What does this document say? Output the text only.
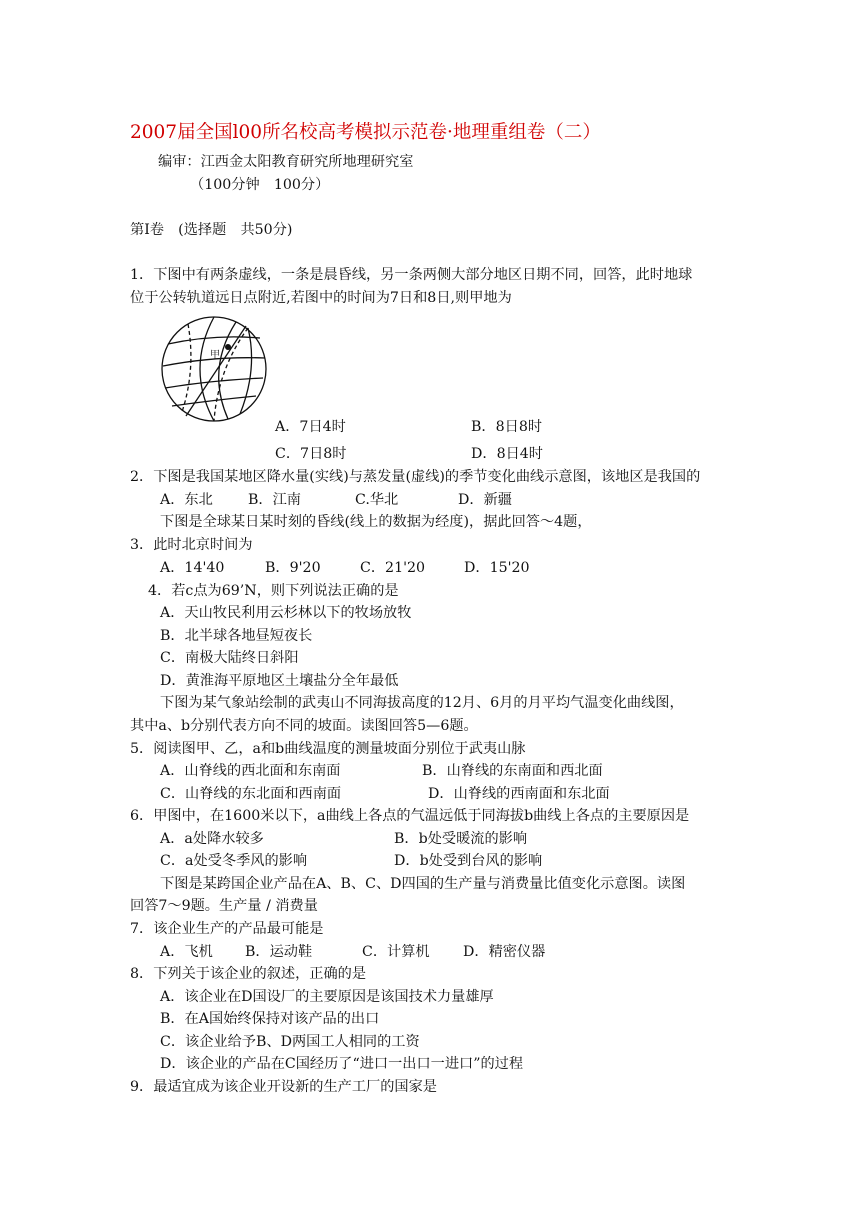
2007届全国l00所名校高考模拟示范卷·地理重组卷（二）
编审：江西金太阳教育研究所地理研究室
（100分钟　100分）
第Ⅰ卷　(选择题　共50分)
1．下图中有两条虚线，一条是晨昏线，另一条两侧大部分地区日期不同，回答，此时地球
位于公转轨道远日点附近,若图中的时间为7日和8日,则甲地为
甲
A．7日4时	B．8日8时
C．7日8时	D．8日4时
2．下图是我国某地区降水量(实线)与蒸发量(虚线)的季节变化曲线示意图，该地区是我国的
A．东北 B．江南	C.华北	D．新疆
下图是全球某日某时刻的昏线(线上的数据为经度)，据此回答～4题，
3．此时北京时间为
A．14'40	B．9'20	C．21'20	D．15'20
4．若c点为69’N，则下列说法正确的是
A．天山牧民利用云杉林以下的牧场放牧
B．北半球各地昼短夜长
C．南极大陆终日斜阳
D．黄淮海平原地区土壤盐分全年最低
下图为某气象站绘制的武夷山不同海拔高度的12月、6月的月平均气温变化曲线图，
其中a、b分别代表方向不同的坡面。读图回答5—6题。
5．阅读图甲、乙，a和b曲线温度的测量坡面分别位于武夷山脉
A．山脊线的西北面和东南面	B．山脊线的东南面和西北面
C．山脊线的东北面和西南面	D．山脊线的西南面和东北面
6．甲图中，在1600米以下，a曲线上各点的气温远低于同海拔b曲线上各点的主要原因是
A．a处降水较多	B．b处受暖流的影响
C．a处受冬季风的影响	D．b处受到台风的影响
下图是某跨国企业产品在A、B、C、D四国的生产量与消费量比值变化示意图。读图
回答7～9题。生产量 / 消费量
7．该企业生产的产品最可能是
A．飞机 B．运动鞋	C．计算机 D．精密仪器
8．下列关于该企业的叙述，正确的是
A．该企业在D国设厂的主要原因是该国技术力量雄厚
B．在A国始终保持对该产品的出口
C．该企业给予B、D两国工人相同的工资
D．该企业的产品在C国经历了“进口一出口一进口”的过程
9．最适宜成为该企业开设新的生产工厂的国家是
